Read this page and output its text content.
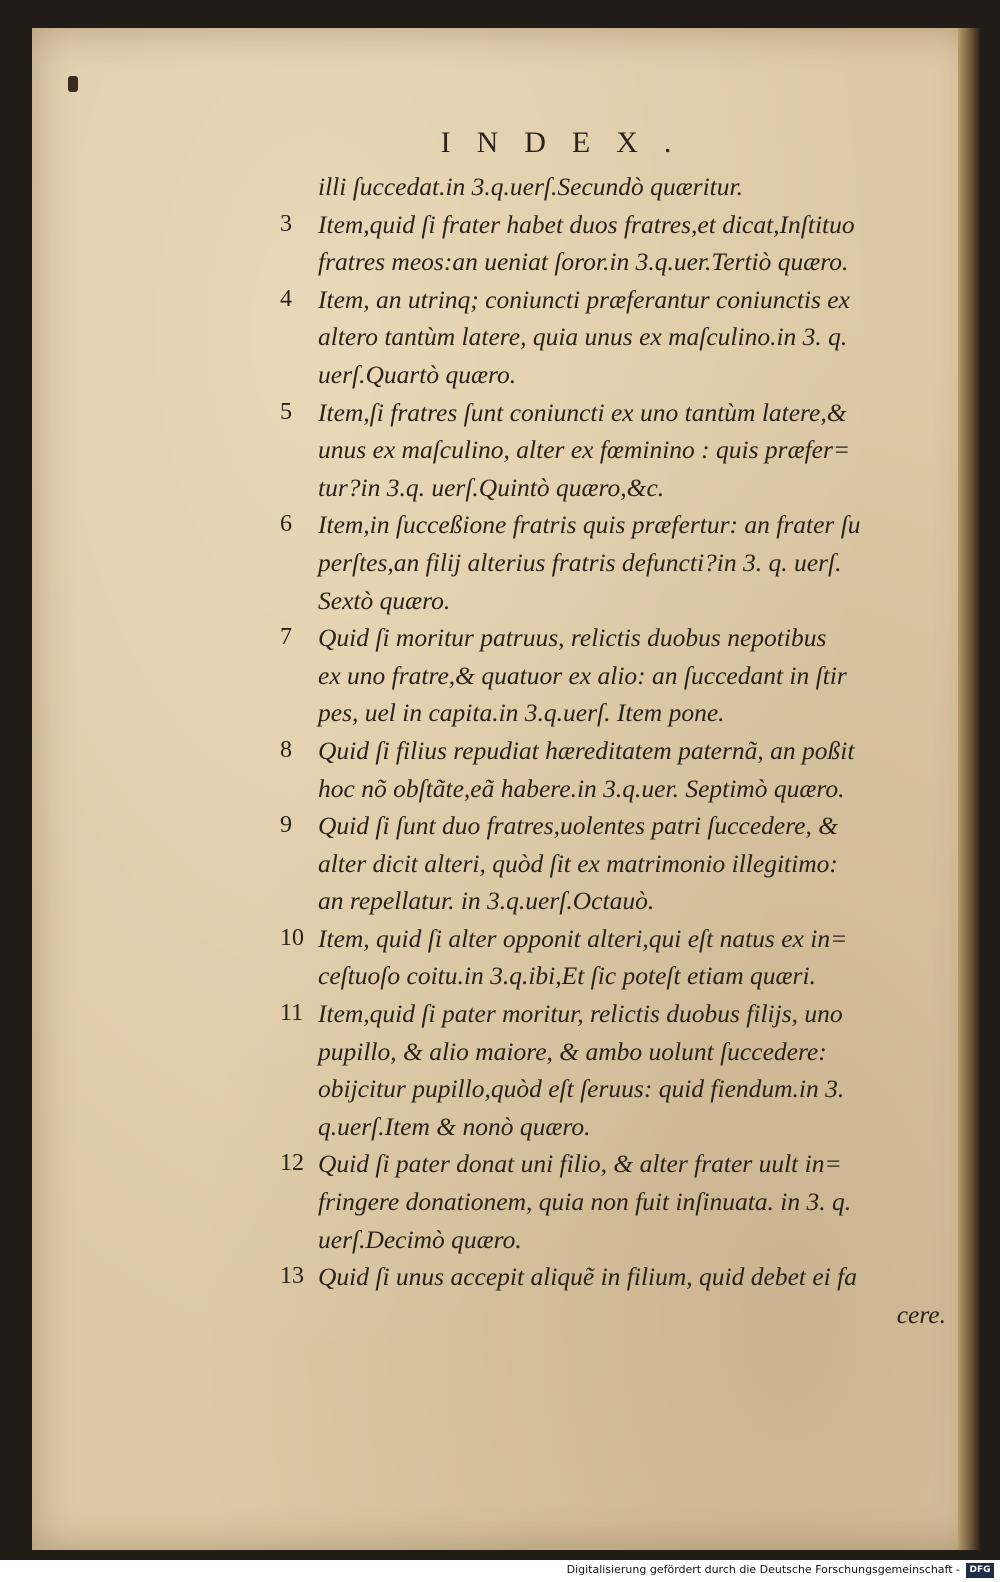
INDEX.
illi ſuccedat.in 3.q.uerſ.Secundò quæritur.
3 Item,quid ſi frater habet duos fratres,et dicat,Inſtituo
fratres meos:an ueniat ſoror.in 3.q.uer.Tertiò quæro.
4 Item, an utrinq; coniuncti præferantur coniunctis ex
altero tantùm latere, quia unus ex maſculino.in 3. q.
uerſ.Quartò quæro.
5 Item,ſi fratres ſunt coniuncti ex uno tantùm latere,&
unus ex maſculino, alter ex fœminino : quis præfer=
tur?in 3.q. uerſ.Quintò quæro,&c.
6 Item,in ſucceßione fratris quis præfertur: an frater ſu
perſtes,an filij alterius fratris defuncti?in 3. q. uerſ.
Sextò quæro.
7 Quid ſi moritur patruus, relictis duobus nepotibus
ex uno fratre,& quatuor ex alio: an ſuccedant in ſtir
pes, uel in capita.in 3.q.uerſ. Item pone.
8 Quid ſi filius repudiat hæreditatem paternã, an poßit
hoc nõ obſtãte,eã habere.in 3.q.uer. Septimò quæro.
9 Quid ſi ſunt duo fratres,uolentes patri ſuccedere, &
alter dicit alteri, quòd ſit ex matrimonio illegitimo:
an repellatur. in 3.q.uerſ.Octauò.
10 Item, quid ſi alter opponit alteri,qui eſt natus ex in=
ceſtuoſo coitu.in 3.q.ibi,Et ſic poteſt etiam quæri.
11 Item,quid ſi pater moritur, relictis duobus filijs, uno
pupillo, & alio maiore, & ambo uolunt ſuccedere:
obijcitur pupillo,quòd eſt ſeruus: quid fiendum.in 3.
q.uerſ.Item & nonò quæro.
12 Quid ſi pater donat uni filio, & alter frater uult in=
fringere donationem, quia non fuit inſinuata. in 3. q.
uerſ.Decimò quæro.
13 Quid ſi unus accepit aliquẽ in filium, quid debet ei fa
cere.
Digitalisierung gefördert durch die Deutsche Forschungsgemeinschaft -	DFG
